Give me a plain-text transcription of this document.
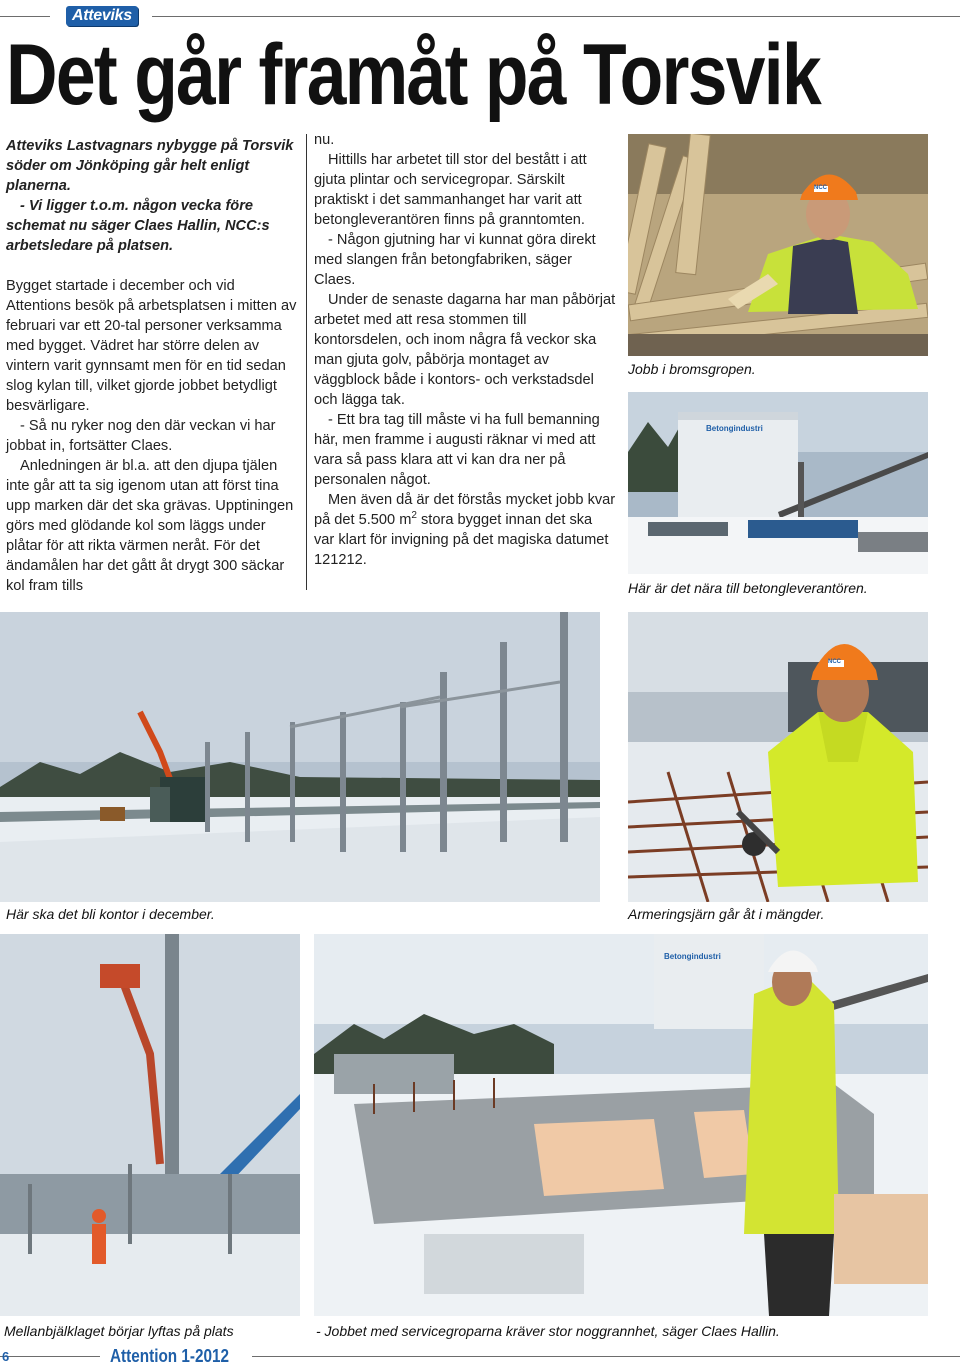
Atteviks
Det går framåt på Torsvik

Atteviks Lastvagnars nybygge på Torsvik söder om Jönköping går helt enligt planerna.

- Vi ligger t.o.m. någon vecka före schemat nu säger Claes Hallin, NCC:s arbetsledare på platsen.

Bygget startade i december och vid Attentions besök på arbetsplatsen i mitten av februari var ett 20-tal personer verksamma med bygget. Vädret har större delen av vintern varit gynnsamt men för en tid sedan slog kylan till, vilket gjorde jobbet betydligt besvärligare.

- Så nu ryker nog den där veckan vi har jobbat in, fortsätter Claes.

Anledningen är bl.a. att den djupa tjälen inte går att ta sig igenom utan att först tina upp marken där det ska grävas. Upptiningen görs med glödande kol som läggs under plåtar för att rikta värmen neråt. För det ändamålen har det gått åt drygt 300 säckar kol fram tills

nu.

Hittills har arbetet till stor del bestått i att gjuta plintar och servicegropar. Särskilt praktiskt i det sammanhanget har varit att betongleverantören finns på granntomten.

- Någon gjutning har vi kunnat göra direkt med slangen från betongfabriken, säger Claes.

Under de senaste dagarna har man påbörjat arbetet med att resa stommen till kontorsdelen, och inom några få veckor ska man gjuta golv, påbörja montaget av väggblock både i kontors- och verkstadsdel och lägga tak.

- Ett bra tag till måste vi ha full bemanning här, men framme i augusti räknar vi med att vara så pass klara att vi kan dra ner på personalen något.

Men även då är det förstås mycket jobb kvar på det 5.500 $m^2$ stora bygget innan det ska var klart för invigning på det magiska datumet 121212.

NCC
Jobb i bromsgropen.
Betongindustri
Här är det nära till betongleverantören.
Här ska det bli kontor i december.
NCC
Armeringsjärn går åt i mängder.
Mellanbjälklaget börjar lyftas på plats
Betongindustri
- Jobbet med servicegroparna kräver stor noggrannhet, säger Claes Hallin.
6	Attention 1-2012
